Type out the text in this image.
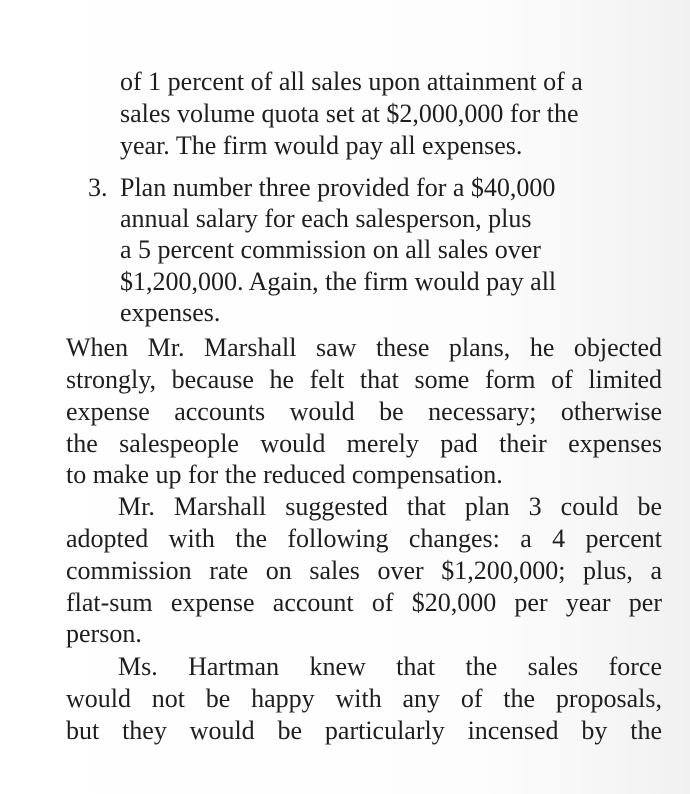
of 1 percent of all sales upon attainment of a

sales volume quota set at $2,000,000 for the

year. The firm would pay all expenses.

3. Plan number three provided for a $40,000

annual salary for each salesperson, plus

a 5 percent commission on all sales over

$1,200,000. Again, the firm would pay all

expenses.

When Mr. Marshall saw these plans, he objected

strongly, because he felt that some form of limited

expense accounts would be necessary; otherwise

the salespeople would merely pad their expenses

to make up for the reduced compensation.

Mr. Marshall suggested that plan 3 could be

adopted with the following changes: a 4 percent

commission rate on sales over $1,200,000; plus, a

flat-sum expense account of $20,000 per year per

person.

Ms. Hartman knew that the sales force

would not be happy with any of the proposals,

but they would be particularly incensed by the
